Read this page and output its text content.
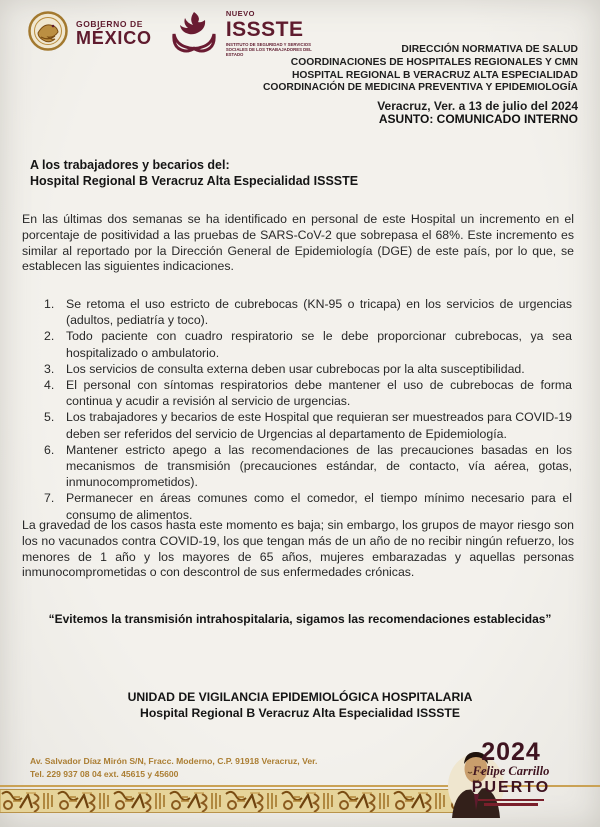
GOBIERNO DE
MÉXICO
NUEVO
ISSSTE
INSTITUTO DE SEGURIDAD Y SERVICIOS SOCIALES DE LOS TRABAJADORES DEL ESTADO	DIRECCIÓN NORMATIVA DE SALUD
COORDINACIONES DE HOSPITALES REGIONALES Y CMN
HOSPITAL REGIONAL B VERACRUZ ALTA ESPECIALIDAD
COORDINACIÓN DE MEDICINA PREVENTIVA Y EPIDEMIOLOGÍA
Veracruz, Ver. a 13 de julio del 2024
ASUNTO: COMUNICADO INTERNO
A los trabajadores y becarios del:
Hospital Regional B Veracruz Alta Especialidad ISSSTE

En las últimas dos semanas se ha identificado en personal de este Hospital un incremento en el porcentaje de positividad a las pruebas de SARS-CoV-2 que sobrepasa el 68%. Este incremento es similar al reportado por la Dirección General de Epidemiología (DGE) de este país, por lo que, se establecen las siguientes indicaciones.

1. Se retoma el uso estricto de cubrebocas (KN-95 o tricapa) en los servicios de urgencias (adultos, pediatría y toco).
2. Todo paciente con cuadro respiratorio se le debe proporcionar cubrebocas, ya sea hospitalizado o ambulatorio.
3. Los servicios de consulta externa deben usar cubrebocas por la alta susceptibilidad.
4. El personal con síntomas respiratorios debe mantener el uso de cubrebocas de forma continua y acudir a revisión al servicio de urgencias.
5. Los trabajadores y becarios de este Hospital que requieran ser muestreados para COVID-19 deben ser referidos del servicio de Urgencias al departamento de Epidemiología.
6. Mantener estricto apego a las recomendaciones de las precauciones basadas en los mecanismos de transmisión (precauciones estándar, de contacto, vía aérea, gotas, inmunocomprometidos).
7. Permanecer en áreas comunes como el comedor, el tiempo mínimo necesario para el consumo de alimentos.

La gravedad de los casos hasta este momento es baja; sin embargo, los grupos de mayor riesgo son los no vacunados contra COVID-19, los que tengan más de un año de no recibir ningún refuerzo, los menores de 1 año y los mayores de 65 años, mujeres embarazadas y aquellas personas inmunocomprometidas o con descontrol de sus enfermedades crónicas.

“Evitemos la transmisión intrahospitalaria, sigamos las recomendaciones establecidas”
UNIDAD DE VIGILANCIA EPIDEMIOLÓGICA HOSPITALARIA
Hospital Regional B Veracruz Alta Especialidad ISSSTE
Av. Salvador Díaz Mirón S/N, Fracc. Moderno, C.P. 91918 Veracruz, Ver.
Tel. 229 937 08 04 ext. 45615 y 45600
2024
Felipe Carrillo
PUERTO
